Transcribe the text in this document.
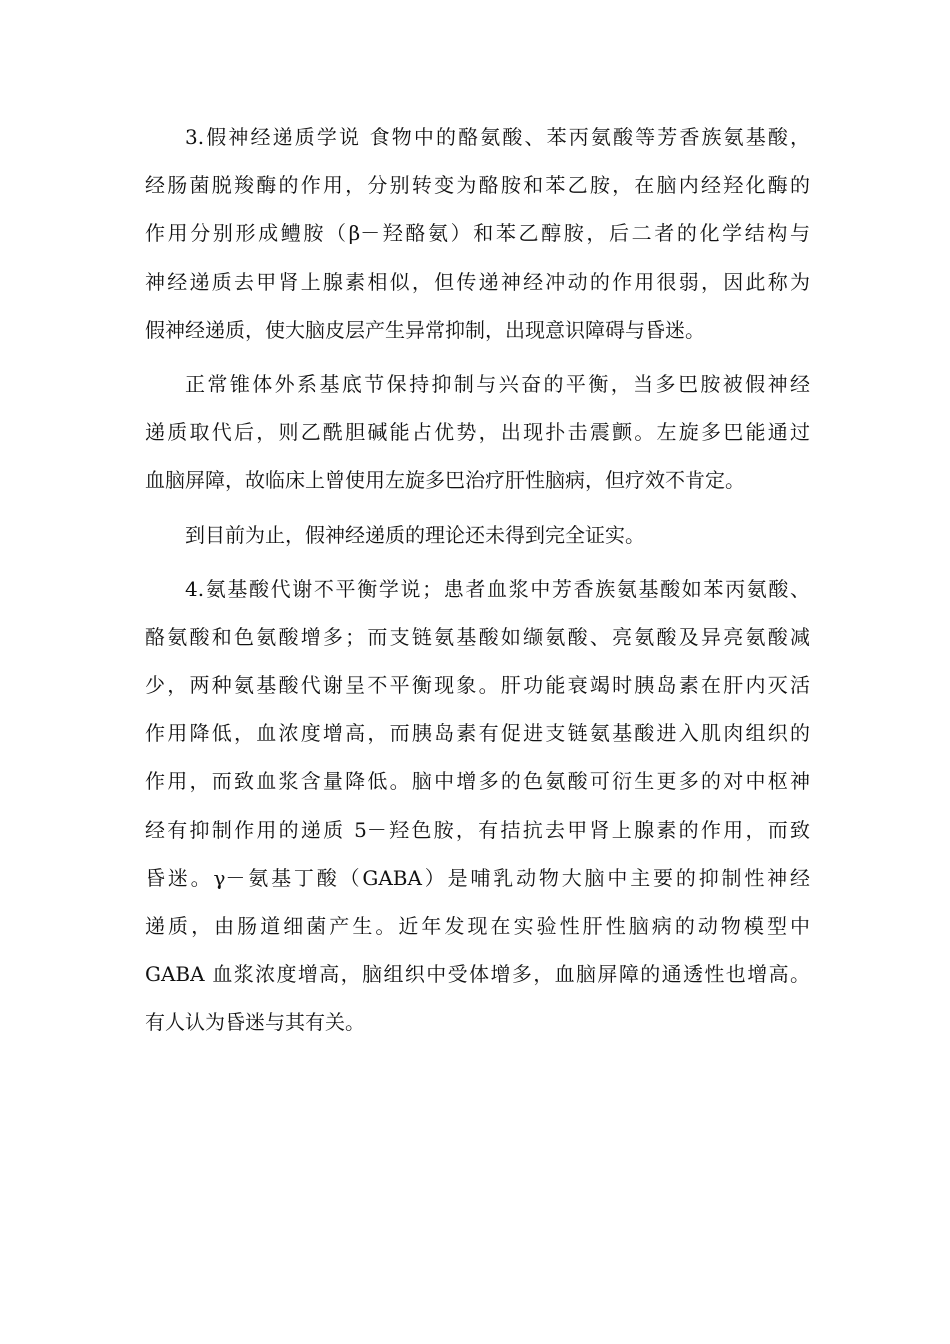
3.假神经递质学说 食物中的酪氨酸、苯丙氨酸等芳香族氨基酸，
经肠菌脱羧酶的作用，分别转变为酪胺和苯乙胺，在脑内经羟化酶的
作用分别形成鳢胺（β－羟酪氨）和苯乙醇胺，后二者的化学结构与
神经递质去甲肾上腺素相似，但传递神经冲动的作用很弱，因此称为
假神经递质，使大脑皮层产生异常抑制，出现意识障碍与昏迷。
正常锥体外系基底节保持抑制与兴奋的平衡，当多巴胺被假神经
递质取代后，则乙酰胆碱能占优势，出现扑击震颤。左旋多巴能通过
血脑屏障，故临床上曾使用左旋多巴治疗肝性脑病，但疗效不肯定。
到目前为止，假神经递质的理论还未得到完全证实。
4.氨基酸代谢不平衡学说；患者血浆中芳香族氨基酸如苯丙氨酸、
酪氨酸和色氨酸增多；而支链氨基酸如缬氨酸、亮氨酸及异亮氨酸减
少，两种氨基酸代谢呈不平衡现象。肝功能衰竭时胰岛素在肝内灭活
作用降低，血浓度增高，而胰岛素有促进支链氨基酸进入肌肉组织的
作用，而致血浆含量降低。脑中增多的色氨酸可衍生更多的对中枢神
经有抑制作用的递质 5－羟色胺，有拮抗去甲肾上腺素的作用，而致
昏迷。γ－氨基丁酸（GABA）是哺乳动物大脑中主要的抑制性神经
递质，由肠道细菌产生。近年发现在实验性肝性脑病的动物模型中
GABA 血浆浓度增高，脑组织中受体增多，血脑屏障的通透性也增高。
有人认为昏迷与其有关。
